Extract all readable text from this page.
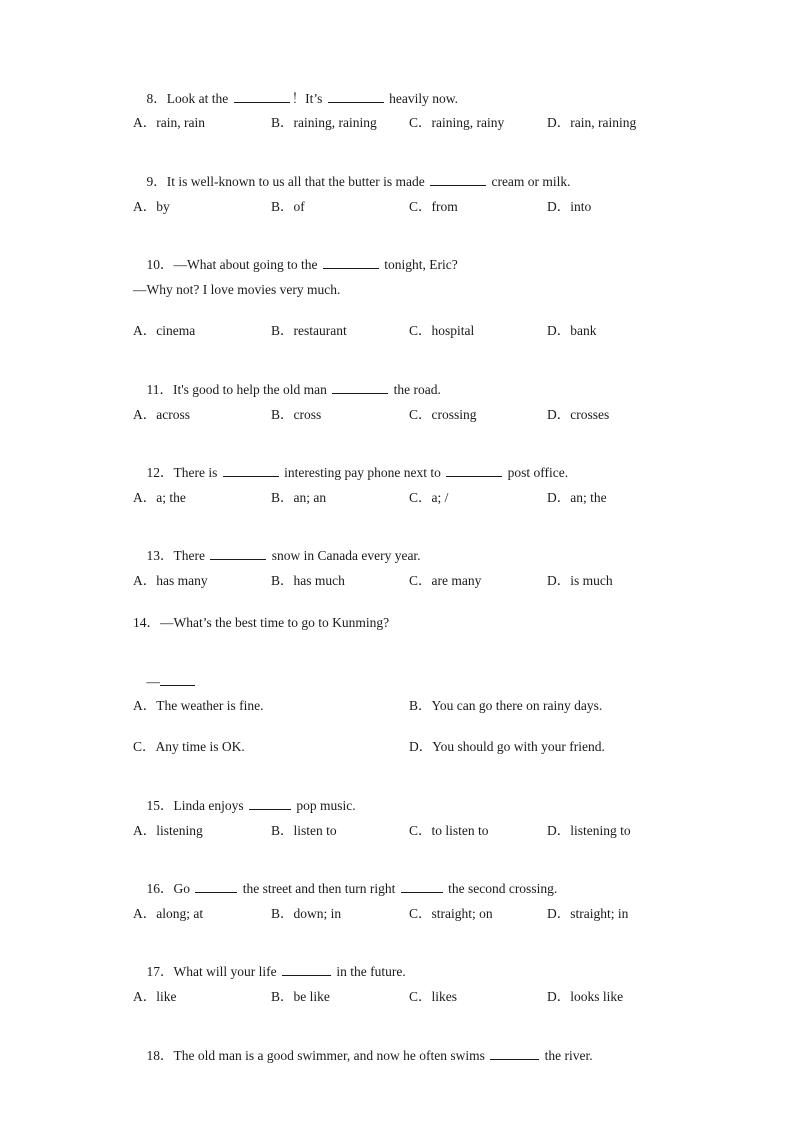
8．Look at the	！It’s	heavily now.

A．rain, rain	B．raining, raining C．raining, rainy	D．rain, raining

9．It is well-known to us all that the butter is made	cream or milk.

A．by	B．of	C．from	D．into

10．—What about going to the	tonight, Eric?

—Why not? I love movies very much.
A．cinema	B．restaurant	C．hospital	D．bank

11．It's good to help the old man	the road.

A．across	B．cross	C．crossing	D．crosses

12．There is	interesting pay phone next to	post office.

A．a; the	B．an; an	C．a; /	D．an; the

13．There	snow in Canada every year.

A．has many	B．has much	C．are many	D．is much
14．—What’s the best time to go to Kunming?

—

A．The weather is fine.	B．You can go there on rainy days.
C．Any time is OK.	D．You should go with your friend.

15．Linda enjoys	pop music.

A．listening	B．listen to	C．to listen to	D．listening to

16．Go	the street and then turn right	the second crossing.

A．along; at	B．down; in	C．straight; on	D．straight; in

17．What will your life	in the future.

A．like	B．be like	C．likes	D．looks like

18．The old man is a good swimmer, and now he often swims	the river.
